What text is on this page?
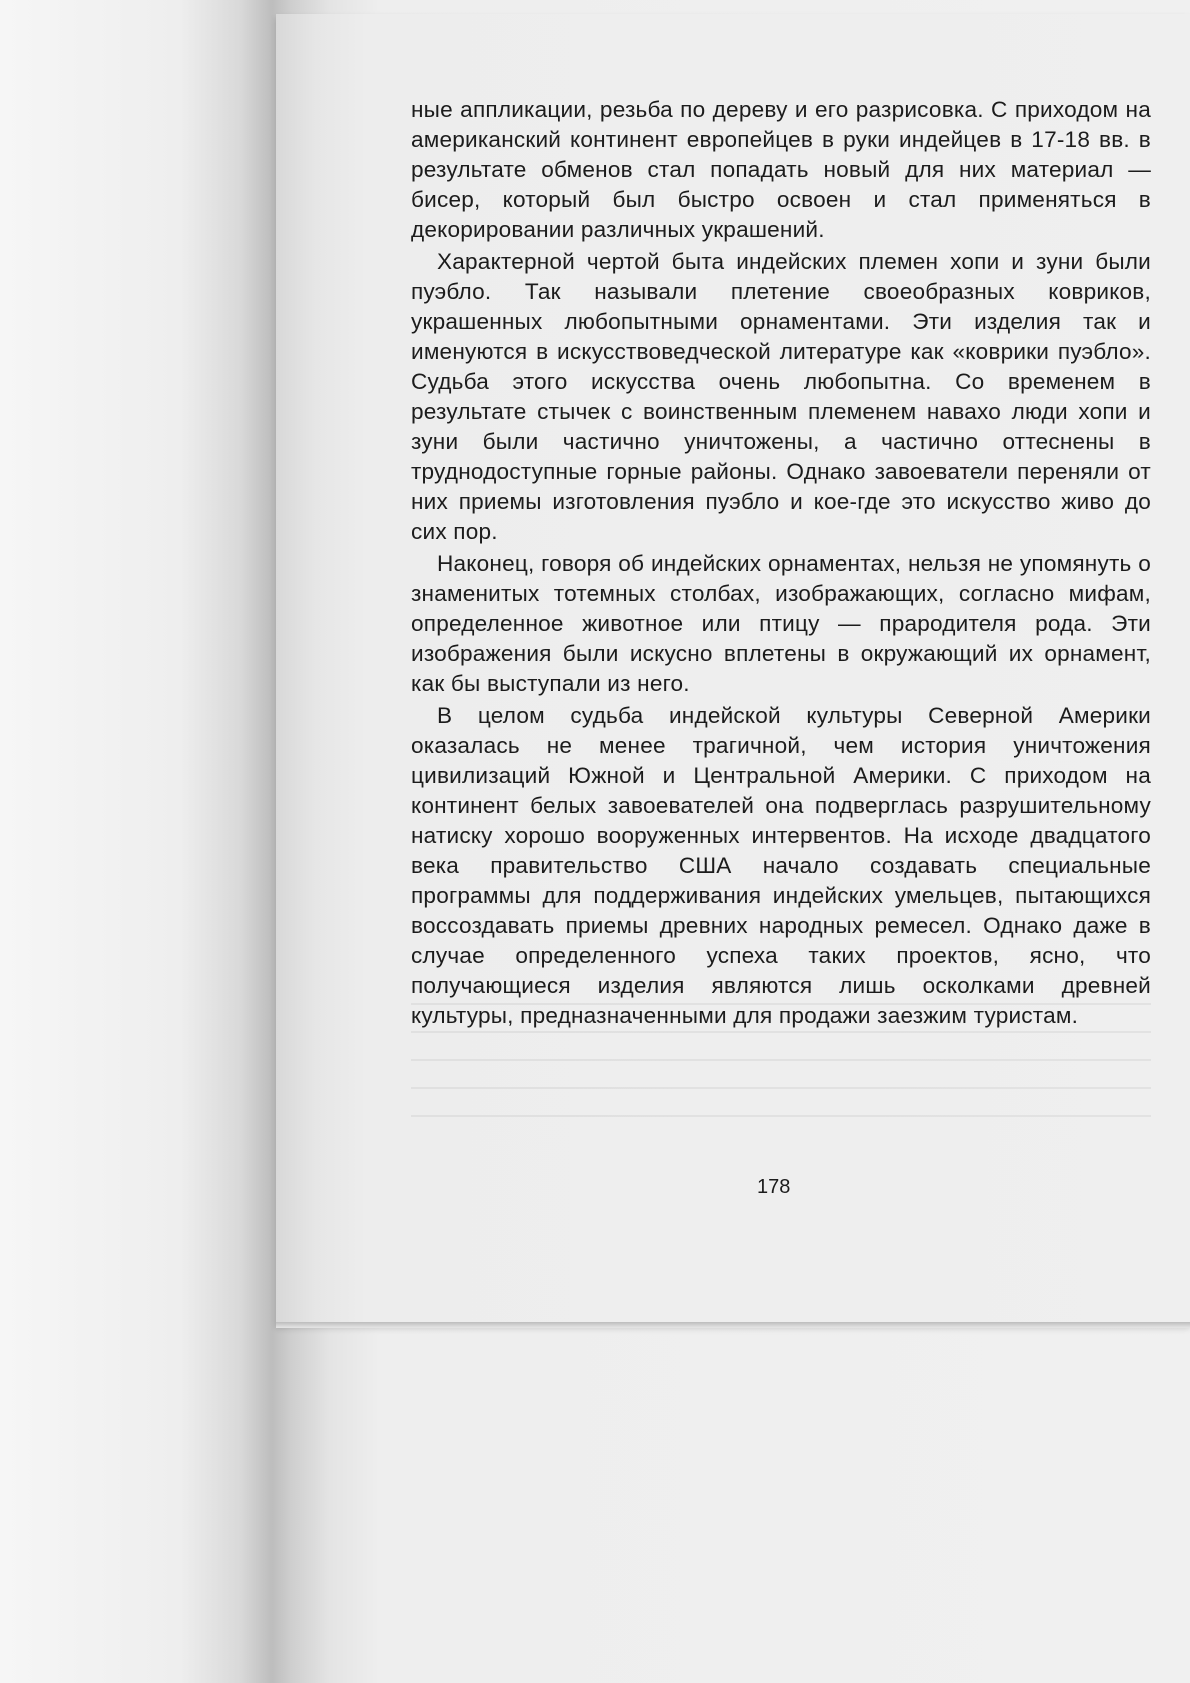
ные аппликации, резьба по дереву и его разрисовка. С приходом на американский континент европейцев в руки индейцев в 17-18 вв. в результате обменов стал попадать новый для них материал — бисер, который был быстро освоен и стал применяться в декорировании различных украшений.

Характерной чертой быта индейских племен хопи и зуни были пуэбло. Так называли плетение своеобразных ковриков, украшенных любопытными орнаментами. Эти изделия так и именуются в искусствоведческой литературе как «коврики пуэбло». Судьба этого искусства очень любопытна. Со временем в результате стычек с воинственным племенем навахо люди хопи и зуни были частично уничтожены, а частично оттеснены в труднодоступные горные районы. Однако завоеватели переняли от них приемы изготовления пуэбло и кое-где это искусство живо до сих пор.

Наконец, говоря об индейских орнаментах, нельзя не упомянуть о знаменитых тотемных столбах, изображающих, согласно мифам, определенное животное или птицу — прародителя рода. Эти изображения были искусно вплетены в окружающий их орнамент, как бы выступали из него.

В целом судьба индейской культуры Северной Америки оказалась не менее трагичной, чем история уничтожения цивилизаций Южной и Центральной Америки. С приходом на континент белых завоевателей она подверглась разрушительному натиску хорошо вооруженных интервентов. На исходе двадцатого века правительство США начало создавать специальные программы для поддерживания индейских умельцев, пытающихся воссоздавать приемы древних народных ремесел. Однако даже в случае определенного успеха таких проектов, ясно, что получающиеся изделия являются лишь осколками древней культуры, предназначенными для продажи заезжим туристам.

178
